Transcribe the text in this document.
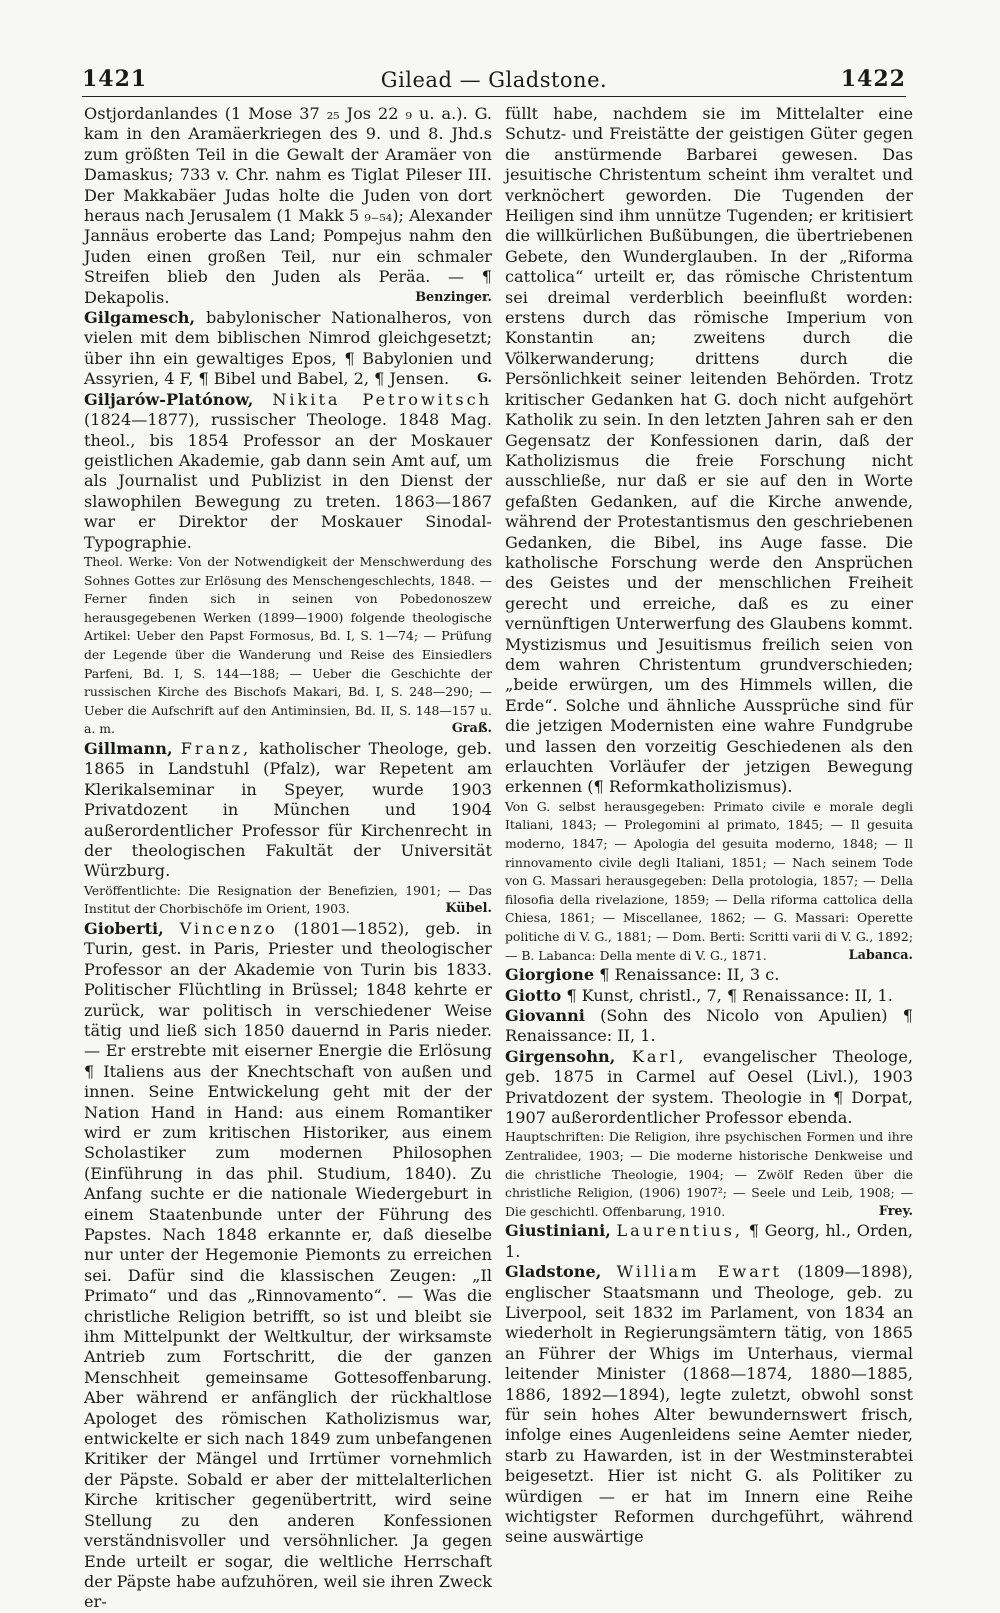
1421	Gilead — Gladstone.	1422

Ostjordanlandes (1 Mose 37 ₂₅ Jos 22 ₉ u. a.). G. kam in den Aramäerkriegen des 9. und 8. Jhd.s zum größten Teil in die Gewalt der Aramäer von Damaskus; 733 v. Chr. nahm es Tiglat Pileser III. Der Makkabäer Judas holte die Juden von dort heraus nach Jerusalem (1 Makk 5 ₉₋₅₄); Alexander Jannäus eroberte das Land; Pompejus nahm den Juden einen großen Teil, nur ein schmaler Streifen blieb den Juden als Peräa. — ¶ Dekapolis.	Benzinger.

Gilgamesch, babylonischer Nationalheros, von vielen mit dem biblischen Nimrod gleichgesetzt; über ihn ein gewaltiges Epos, ¶ Babylonien und Assyrien, 4 F, ¶ Bibel und Babel, 2, ¶ Jensen. G.

Giljarów-Platónow, Nikita Petrowitsch (1824—1877), russischer Theologe. 1848 Mag. theol., bis 1854 Professor an der Moskauer geistlichen Akademie, gab dann sein Amt auf, um als Journalist und Publizist in den Dienst der slawophilen Bewegung zu treten. 1863—1867 war er Direktor der Moskauer Sinodal-Typographie.

Theol. Werke: Von der Notwendigkeit der Menschwerdung des Sohnes Gottes zur Erlösung des Menschengeschlechts, 1848. — Ferner finden sich in seinen von Pobedonoszew herausgegebenen Werken (1899—1900) folgende theologische Artikel: Ueber den Papst Formosus, Bd. I, S. 1—74; — Prüfung der Legende über die Wanderung und Reise des Einsiedlers Parfeni, Bd. I, S. 144—188; — Ueber die Geschichte der russischen Kirche des Bischofs Makari, Bd. I, S. 248—290; — Ueber die Aufschrift auf den Antiminsien, Bd. II, S. 148—157 u. a. m.	Graß.

Gillmann, Franz, katholischer Theologe, geb. 1865 in Landstuhl (Pfalz), war Repetent am Klerikalseminar in Speyer, wurde 1903 Privatdozent in München und 1904 außerordentlicher Professor für Kirchenrecht in der theologischen Fakultät der Universität Würzburg.

Veröffentlichte: Die Resignation der Benefizien, 1901; — Das Institut der Chorbischöfe im Orient, 1903.	Kübel.

Gioberti, Vincenzo (1801—1852), geb. in Turin, gest. in Paris, Priester und theologischer Professor an der Akademie von Turin bis 1833. Politischer Flüchtling in Brüssel; 1848 kehrte er zurück, war politisch in verschiedener Weise tätig und ließ sich 1850 dauernd in Paris nieder. — Er erstrebte mit eiserner Energie die Erlösung ¶ Italiens aus der Knechtschaft von außen und innen. Seine Entwickelung geht mit der der Nation Hand in Hand: aus einem Romantiker wird er zum kritischen Historiker, aus einem Scholastiker zum modernen Philosophen (Einführung in das phil. Studium, 1840). Zu Anfang suchte er die nationale Wiedergeburt in einem Staatenbunde unter der Führung des Papstes. Nach 1848 erkannte er, daß dieselbe nur unter der Hegemonie Piemonts zu erreichen sei. Dafür sind die klassischen Zeugen: „Il Primato“ und das „Rinnovamento“. — Was die christliche Religion betrifft, so ist und bleibt sie ihm Mittelpunkt der Weltkultur, der wirksamste Antrieb zum Fortschritt, die der ganzen Menschheit gemeinsame Gottesoffenbarung. Aber während er anfänglich der rückhaltlose Apologet des römischen Katholizismus war, entwickelte er sich nach 1849 zum unbefangenen Kritiker der Mängel und Irrtümer vornehmlich der Päpste. Sobald er aber der mittelalterlichen Kirche kritischer gegenübertritt, wird seine Stellung zu den anderen Konfessionen verständnisvoller und versöhnlicher. Ja gegen Ende urteilt er sogar, die weltliche Herrschaft der Päpste habe aufzuhören, weil sie ihren Zweck er-

füllt habe, nachdem sie im Mittelalter eine Schutz- und Freistätte der geistigen Güter gegen die anstürmende Barbarei gewesen. Das jesuitische Christentum scheint ihm veraltet und verknöchert geworden. Die Tugenden der Heiligen sind ihm unnütze Tugenden; er kritisiert die willkürlichen Bußübungen, die übertriebenen Gebete, den Wunderglauben. In der „Riforma cattolica“ urteilt er, das römische Christentum sei dreimal verderblich beeinflußt worden: erstens durch das römische Imperium von Konstantin an; zweitens durch die Völkerwanderung; drittens durch die Persönlichkeit seiner leitenden Behörden. Trotz kritischer Gedanken hat G. doch nicht aufgehört Katholik zu sein. In den letzten Jahren sah er den Gegensatz der Konfessionen darin, daß der Katholizismus die freie Forschung nicht ausschließe, nur daß er sie auf den in Worte gefaßten Gedanken, auf die Kirche anwende, während der Protestantismus den geschriebenen Gedanken, die Bibel, ins Auge fasse. Die katholische Forschung werde den Ansprüchen des Geistes und der menschlichen Freiheit gerecht und erreiche, daß es zu einer vernünftigen Unterwerfung des Glaubens kommt. Mystizismus und Jesuitismus freilich seien von dem wahren Christentum grundverschieden; „beide erwürgen, um des Himmels willen, die Erde“. Solche und ähnliche Aussprüche sind für die jetzigen Modernisten eine wahre Fundgrube und lassen den vorzeitig Geschiedenen als den erlauchten Vorläufer der jetzigen Bewegung erkennen (¶ Reformkatholizismus).

Von G. selbst herausgegeben: Primato civile e morale degli Italiani, 1843; — Prolegomini al primato, 1845; — Il gesuita moderno, 1847; — Apologia del gesuita moderno, 1848; — Il rinnovamento civile degli Italiani, 1851; — Nach seinem Tode von G. Massari herausgegeben: Della protologia, 1857; — Della filosofia della rivelazione, 1859; — Della riforma cattolica della Chiesa, 1861; — Miscellanee, 1862; — G. Massari: Operette politiche di V. G., 1881; — Dom. Berti: Scritti varii di V. G., 1892; — B. Labanca: Della mente di V. G., 1871.	Labanca.

Giorgione ¶ Renaissance: II, 3 c.

Giotto ¶ Kunst, christl., 7, ¶ Renaissance: II, 1.

Giovanni (Sohn des Nicolo von Apulien) ¶ Renaissance: II, 1.

Girgensohn, Karl, evangelischer Theologe, geb. 1875 in Carmel auf Oesel (Livl.), 1903 Privatdozent der system. Theologie in ¶ Dorpat, 1907 außerordentlicher Professor ebenda.

Hauptschriften: Die Religion, ihre psychischen Formen und ihre Zentralidee, 1903; — Die moderne historische Denkweise und die christliche Theologie, 1904; — Zwölf Reden über die christliche Religion, (1906) 1907²; — Seele und Leib, 1908; — Die geschichtl. Offenbarung, 1910.	Frey.

Giustiniani, Laurentius, ¶ Georg, hl., Orden, 1.

Gladstone, William Ewart (1809—1898), englischer Staatsmann und Theologe, geb. zu Liverpool, seit 1832 im Parlament, von 1834 an wiederholt in Regierungsämtern tätig, von 1865 an Führer der Whigs im Unterhaus, viermal leitender Minister (1868—1874, 1880—1885, 1886, 1892—1894), legte zuletzt, obwohl sonst für sein hohes Alter bewundernswert frisch, infolge eines Augenleidens seine Aemter nieder, starb zu Hawarden, ist in der Westminsterabtei beigesetzt. Hier ist nicht G. als Politiker zu würdigen — er hat im Innern eine Reihe wichtigster Reformen durchgeführt, während seine auswärtige
